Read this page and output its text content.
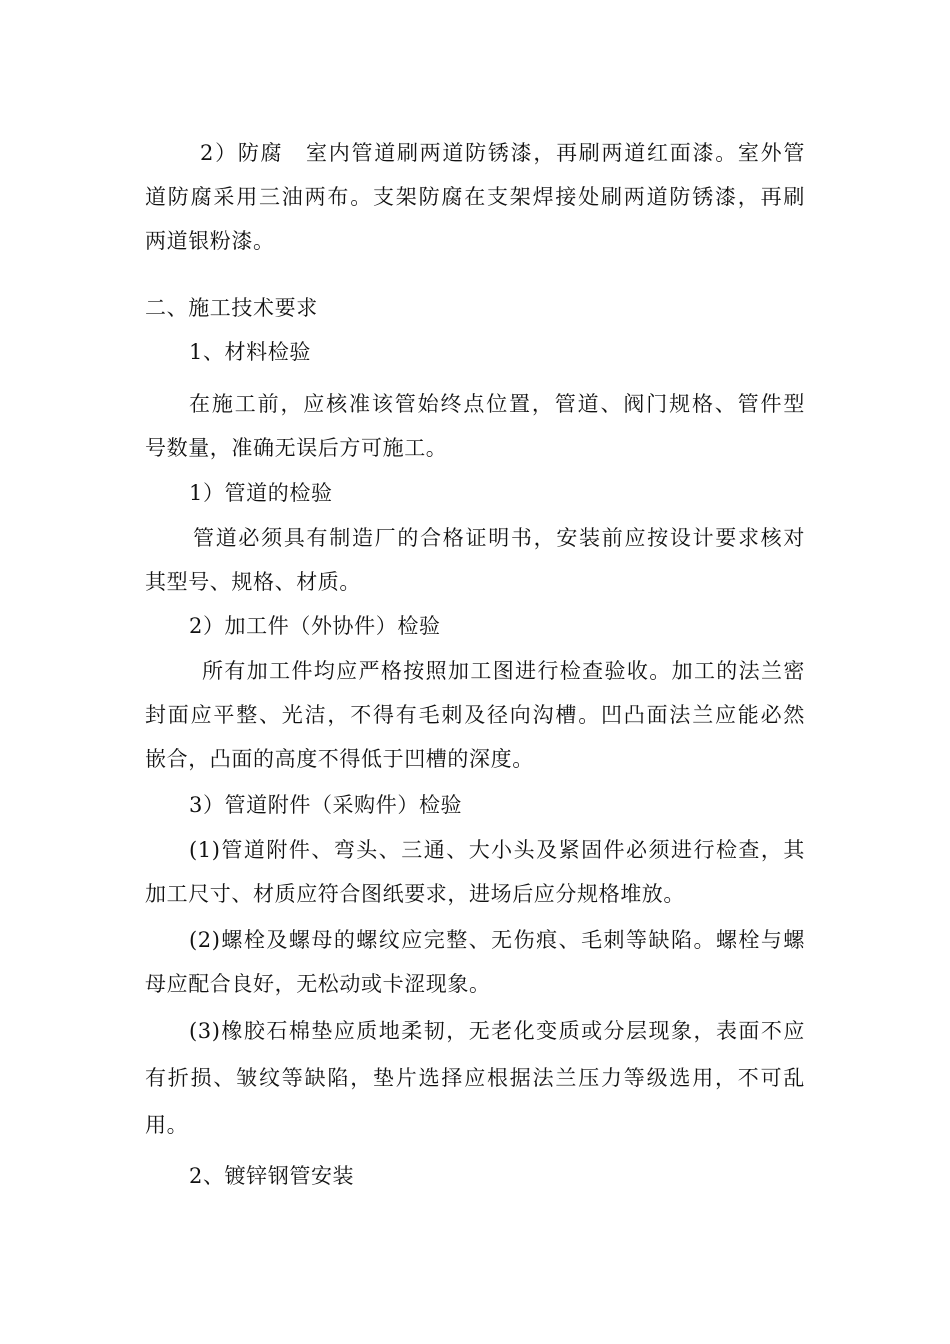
2）防腐　室内管道刷两道防锈漆，再刷两道红面漆。室外管
道防腐采用三油两布。支架防腐在支架焊接处刷两道防锈漆，再刷
两道银粉漆。
二、施工技术要求
1、材料检验
在施工前，应核准该管始终点位置，管道、阀门规格、管件型
号数量，准确无误后方可施工。
1）管道的检验
管道必须具有制造厂的合格证明书，安装前应按设计要求核对
其型号、规格、材质。
2）加工件（外协件）检验
所有加工件均应严格按照加工图进行检查验收。加工的法兰密
封面应平整、光洁，不得有毛刺及径向沟槽。凹凸面法兰应能必然
嵌合，凸面的高度不得低于凹槽的深度。
3）管道附件（采购件）检验
(1)管道附件、弯头、三通、大小头及紧固件必须进行检查，其
加工尺寸、材质应符合图纸要求，进场后应分规格堆放。
(2)螺栓及螺母的螺纹应完整、无伤痕、毛刺等缺陷。螺栓与螺
母应配合良好，无松动或卡涩现象。
(3)橡胶石棉垫应质地柔韧，无老化变质或分层现象，表面不应
有折损、皱纹等缺陷，垫片选择应根据法兰压力等级选用，不可乱
用。
2、镀锌钢管安装
